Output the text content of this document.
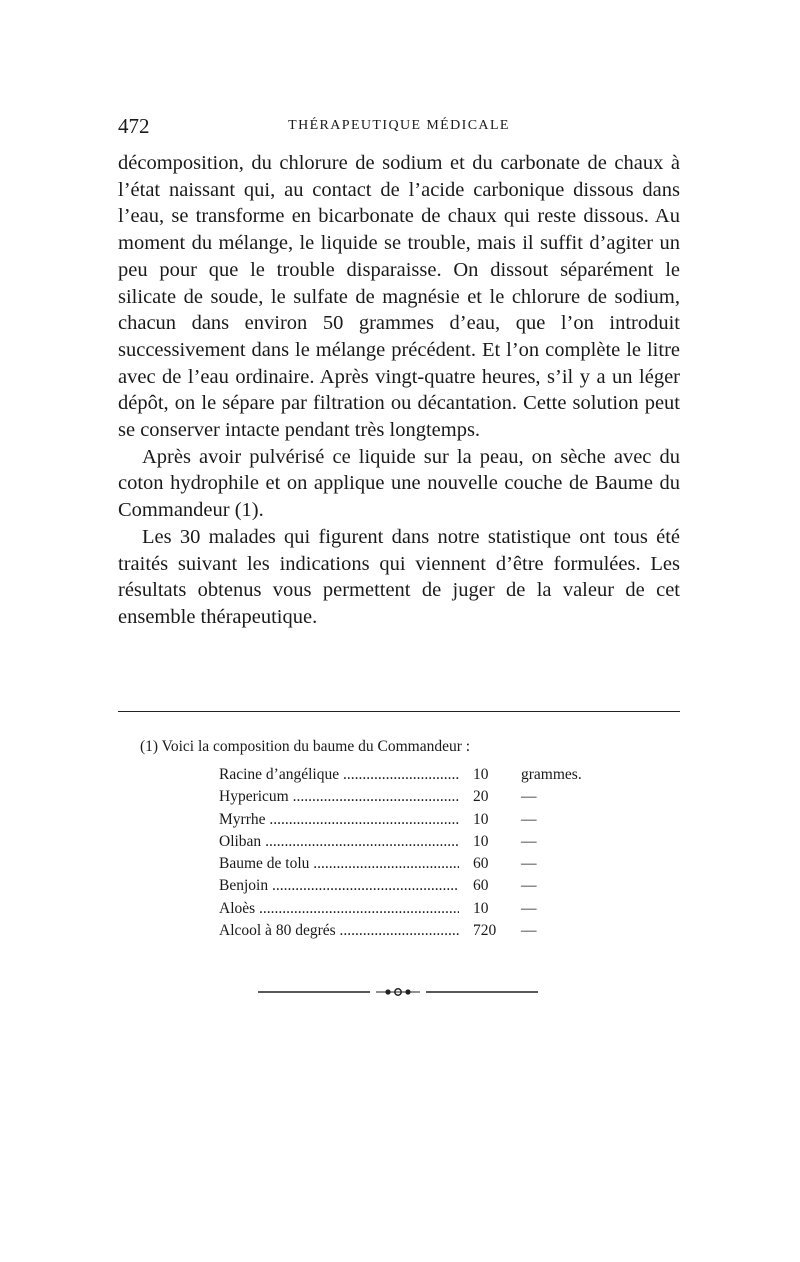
472	THÉRAPEUTIQUE MÉDICALE

décomposition, du chlorure de sodium et du carbonate de chaux à l’état naissant qui, au contact de l’acide carbonique dissous dans l’eau, se transforme en bicarbonate de chaux qui reste dissous. Au moment du mélange, le liquide se trouble, mais il suffit d’agiter un peu pour que le trouble disparaisse. On dissout séparément le silicate de soude, le sulfate de magnésie et le chlorure de sodium, chacun dans environ 50 grammes d’eau, que l’on introduit successivement dans le mélange précédent. Et l’on complète le litre avec de l’eau ordinaire. Après vingt-quatre heures, s’il y a un léger dépôt, on le sépare par filtration ou décantation. Cette solution peut se conserver intacte pendant très longtemps.

Après avoir pulvérisé ce liquide sur la peau, on sèche avec du coton hydrophile et on applique une nouvelle couche de Baume du Commandeur (1).

Les 30 malades qui figurent dans notre statistique ont tous été traités suivant les indications qui viennent d’être formulées. Les résultats obtenus vous permettent de juger de la valeur de cet ensemble thérapeutique.

(1) Voici la composition du baume du Commandeur :
Racine d’angélique .....	10	grammes.
Hypericum .....	20	—
Myrrhe .....	10	—
Oliban .....	10	—
Baume de tolu .....	60	—
Benjoin .....	60	—
Aloès .....	10	—
Alcool à 80 degrés .....	720	—
